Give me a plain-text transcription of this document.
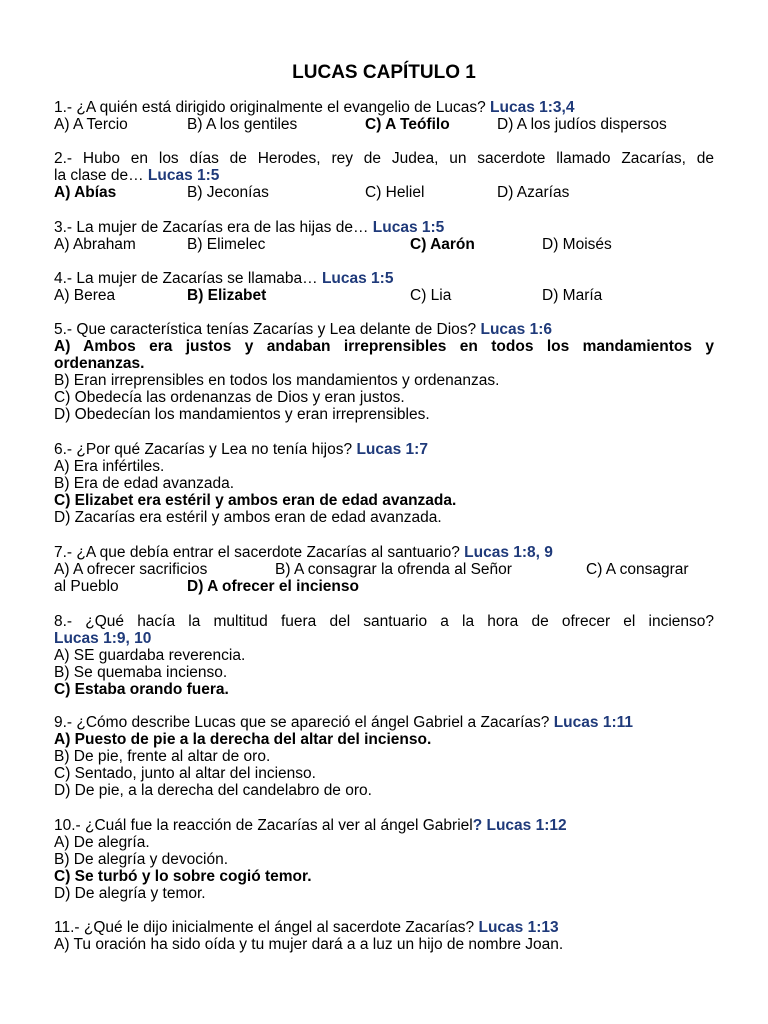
LUCAS CAPÍTULO 1
1.- ¿A quién está dirigido originalmente el evangelio de Lucas? Lucas 1:3,4
A) A Tercio	B) A los gentiles	C) A Teófilo	D) A los judíos dispersos
2.- Hubo en los días de Herodes, rey de Judea, un sacerdote llamado Zacarías, de
la clase de… Lucas 1:5
A) Abías	B) Jeconías	C) Heliel	D) Azarías
3.- La mujer de Zacarías era de las hijas de… Lucas 1:5
A) Abraham	B) Elimelec	C) Aarón	D) Moisés
4.- La mujer de Zacarías se llamaba… Lucas 1:5
A) Berea	B) Elizabet	C) Lia	D) María
5.- Que característica tenías Zacarías y Lea delante de Dios? Lucas 1:6
A) Ambos era justos y andaban irreprensibles en todos los mandamientos y
ordenanzas.
B) Eran irreprensibles en todos los mandamientos y ordenanzas.
C) Obedecía las ordenanzas de Dios y eran justos.
D) Obedecían los mandamientos y eran irreprensibles.
6.- ¿Por qué Zacarías y Lea no tenía hijos? Lucas 1:7
A) Era infértiles.
B) Era de edad avanzada.
C) Elizabet era estéril y ambos eran de edad avanzada.
D) Zacarías era estéril y ambos eran de edad avanzada.
7.- ¿A que debía entrar el sacerdote Zacarías al santuario? Lucas 1:8, 9
A) A ofrecer sacrificios	B) A consagrar la ofrenda al Señor	C) A consagrar
al Pueblo	D) A ofrecer el incienso
8.- ¿Qué hacía la multitud fuera del santuario a la hora de ofrecer el incienso?
Lucas 1:9, 10
A) SE guardaba reverencia.
B) Se quemaba incienso.
C) Estaba orando fuera.
9.- ¿Cómo describe Lucas que se apareció el ángel Gabriel a Zacarías? Lucas 1:11
A) Puesto de pie a la derecha del altar del incienso.
B) De pie, frente al altar de oro.
C) Sentado, junto al altar del incienso.
D) De pie, a la derecha del candelabro de oro.
10.- ¿Cuál fue la reacción de Zacarías al ver al ángel Gabriel? Lucas 1:12
A) De alegría.
B) De alegría y devoción.
C) Se turbó y lo sobre cogió temor.
D) De alegría y temor.
11.- ¿Qué le dijo inicialmente el ángel al sacerdote Zacarías? Lucas 1:13
A) Tu oración ha sido oída y tu mujer dará a a luz un hijo de nombre Joan.
